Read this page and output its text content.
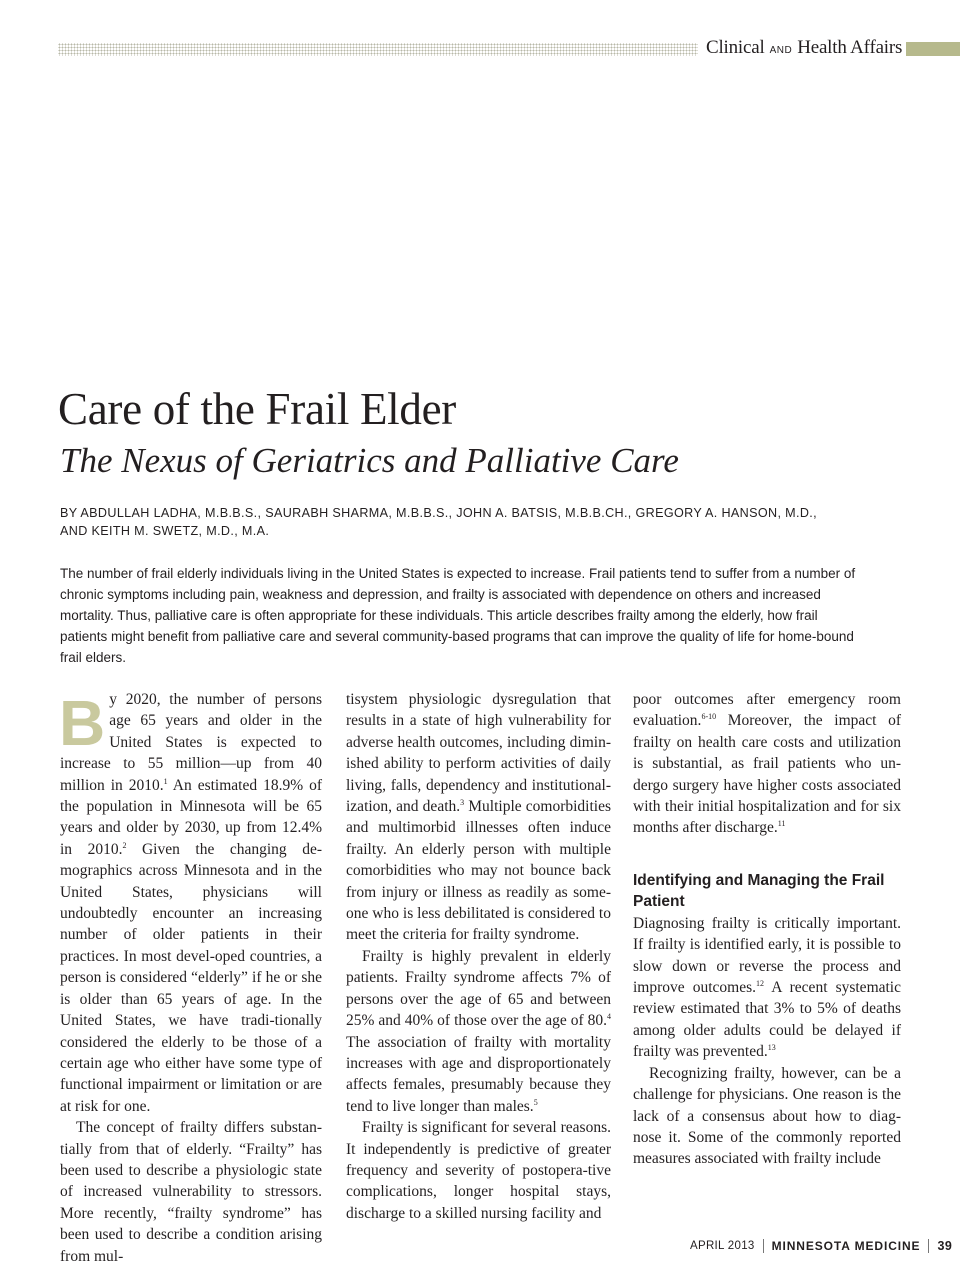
Clinical AND Health Affairs
Care of the Frail Elder
The Nexus of Geriatrics and Palliative Care
BY ABDULLAH LADHA, M.B.B.S., SAURABH SHARMA, M.B.B.S., JOHN A. BATSIS, M.B.B.CH., GREGORY A. HANSON, M.D., AND KEITH M. SWETZ, M.D., M.A.
The number of frail elderly individuals living in the United States is expected to increase. Frail patients tend to suffer from a number of chronic symptoms including pain, weakness and depression, and frailty is associated with dependence on others and increased mortality. Thus, palliative care is often appropriate for these individuals. This article describes frailty among the elderly, how frail patients might benefit from palliative care and several community-based programs that can improve the quality of life for home-bound frail elders.

By 2020, the number of persons age 65 years and older in the United States is expected to increase to 55 million—up from 40 million in 2010.$^1$ An estimated 18.9% of the population in Minnesota will be 65 years and older by 2030, up from 12.4% in 2010.$^2$ Given the changing de-mographics across Minnesota and in the United States, physicians will undoubtedly encounter an increasing number of older patients in their practices. In most devel-oped countries, a person is considered “elderly” if he or she is older than 65 years of age. In the United States, we have tradi-tionally considered the elderly to be those of a certain age who either have some type of functional impairment or limitation or are at risk for one.

The concept of frailty differs substan-tially from that of elderly. “Frailty” has been used to describe a physiologic state of increased vulnerability to stressors. More recently, “frailty syndrome” has been used to describe a condition arising from mul-

tisystem physiologic dysregulation that results in a state of high vulnerability for adverse health outcomes, including dimin-ished ability to perform activities of daily living, falls, dependency and institutional-ization, and death.$^3$ Multiple comorbidities and multimorbid illnesses often induce frailty. An elderly person with multiple comorbidities who may not bounce back from injury or illness as readily as some-one who is less debilitated is considered to meet the criteria for frailty syndrome.

Frailty is highly prevalent in elderly patients. Frailty syndrome affects 7% of persons over the age of 65 and between 25% and 40% of those over the age of 80.$^4$ The association of frailty with mortality increases with age and disproportionately affects females, presumably because they tend to live longer than males.$^5$

Frailty is significant for several reasons. It independently is predictive of greater frequency and severity of postopera-tive complications, longer hospital stays, discharge to a skilled nursing facility and

poor outcomes after emergency room evaluation.$^{6-10}$ Moreover, the impact of frailty on health care costs and utilization is substantial, as frail patients who un-dergo surgery have higher costs associated with their initial hospitalization and for six months after discharge.$^{11}$

Identifying and Managing the Frail Patient

Diagnosing frailty is critically important. If frailty is identified early, it is possible to slow down or reverse the process and improve outcomes.$^{12}$ A recent systematic review estimated that 3% to 5% of deaths among older adults could be delayed if frailty was prevented.$^{13}$

Recognizing frailty, however, can be a challenge for physicians. One reason is the lack of a consensus about how to diag-nose it. Some of the commonly reported measures associated with frailty include

APRIL 2013 MINNESOTA MEDICINE 39
